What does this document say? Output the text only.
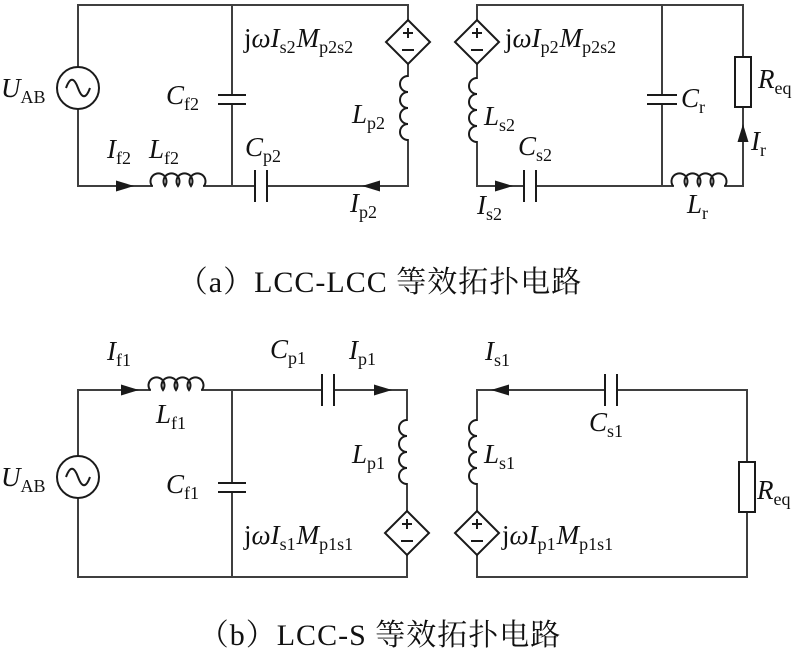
$U_{AB}$
$I_{f2}$ $L_{f2}$
$C_{f2}$
$C_{p2}$
$I_{p2}$
$L_{p2}$
$j\omega I_{s2}M_{p2s2}$	$j\omega I_{p2}M_{p2s2}$
$L_{s2}$
$I_{s2}$
$C_{s2}$
$C_r$
$L_r$
$R_{eq}$
$I_r$
$U_{AB}$
$I_{f1}$
$L_{f1}$
$C_{f1}$
$C_{p1}$ $I_{p1}$
$L_{p1}$
$j\omega I_{s1}M_{p1s1}$
$I_{s1}$
$L_{s1}$
$C_{s1}$
$j\omega I_{p1}M_{p1s1}$
$R_{eq}$
（a）LCC-LCC 等效拓扑电路
（b）LCC-S 等效拓扑电路
